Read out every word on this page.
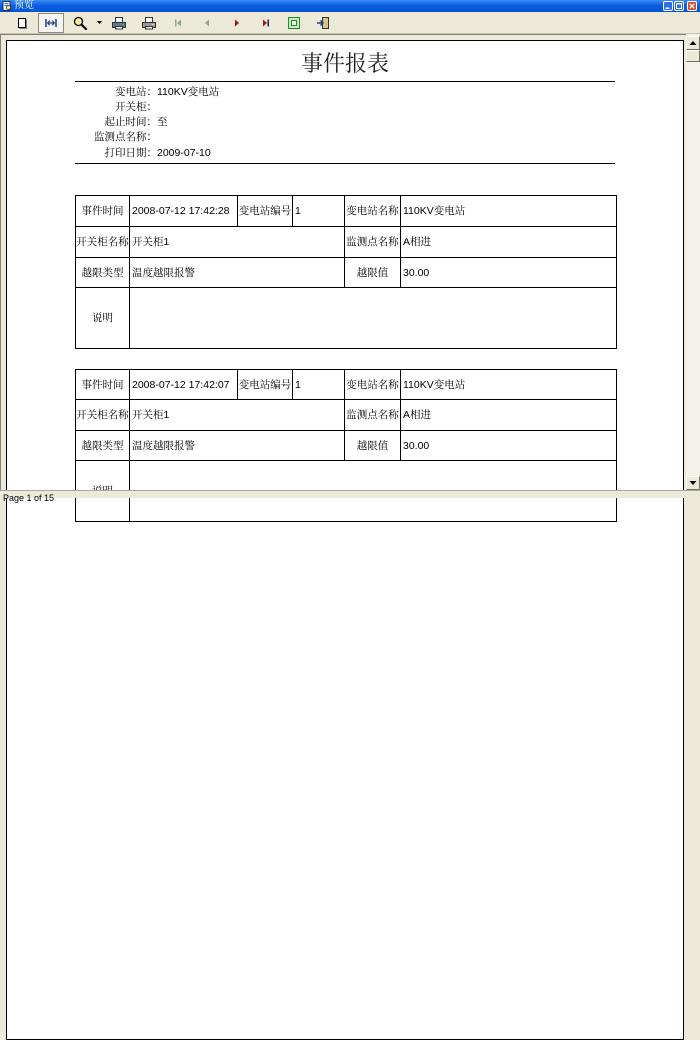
预览
事件报表
变电站： 110KV变电站
开关柜：
起止时间： 至
监测点名称：
打印日期： 2009-07-10
事件时间	2008-07-12 17:42:28	变电站编号	1	变电站名称	110KV变电站
开关柜名称	开关柜1			监测点名称	A相进
越限类型	温度越限报警			越限值	30.00
说明					
事件时间	2008-07-12 17:42:07	变电站编号	1	变电站名称	110KV变电站
开关柜名称	开关柜1			监测点名称	A相进
越限类型	温度越限报警			越限值	30.00

Page 1 of 15
